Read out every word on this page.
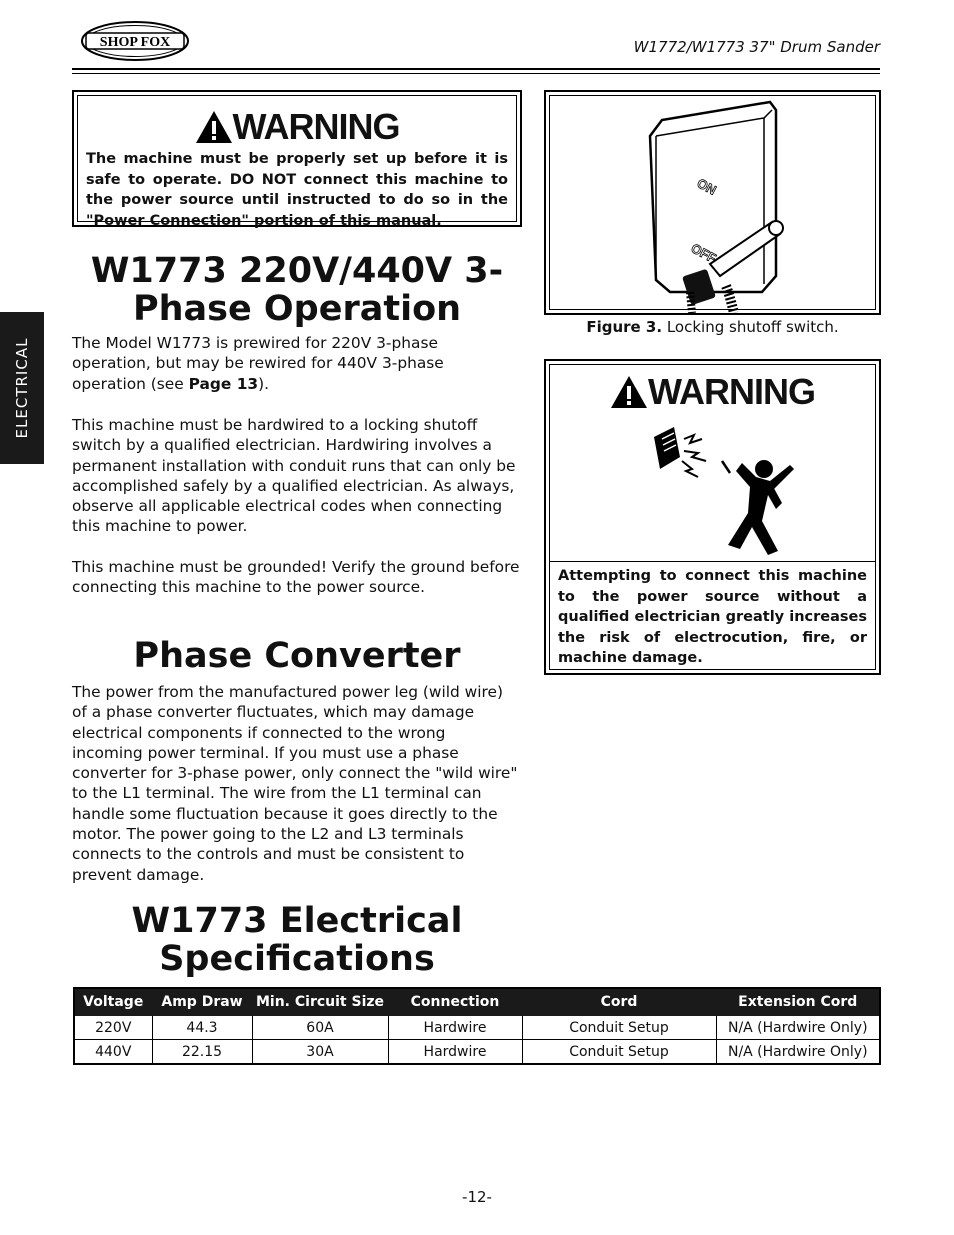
SHOP FOX	W1772/W1773 37" Drum Sander
ELECTRICAL
WARNING
The machine must be properly set up before it is safe to operate. DO NOT connect this machine to the power source until instructed to do so in the "Power Connection" portion of this manual.
W1773 220V/440V 3-
Phase Operation
The Model W1773 is prewired for 220V 3-phase operation, but may be rewired for 440V 3-phase operation (see Page 13).
This machine must be hardwired to a locking shutoff switch by a qualified electrician. Hardwiring involves a permanent installation with conduit runs that can only be accomplished safely by a qualified electrician. As always, observe all applicable electrical codes when connecting this machine to power.
This machine must be grounded! Verify the ground before connecting this machine to the power source.
Phase Converter
The power from the manufactured power leg (wild wire) of a phase converter fluctuates, which may damage electrical components if connected to the wrong incoming power terminal. If you must use a phase converter for 3-phase power, only connect the "wild wire" to the L1 terminal. The wire from the L1 terminal can handle some fluctuation because it goes directly to the motor. The power going to the L2 and L3 terminals connects to the controls and must be consistent to prevent damage.
ON
OFF
Figure 3. Locking shutoff switch.
WARNING
Attempting to connect this machine to the power source without a qualified electrician greatly increases the risk of electrocution, fire, or machine damage.
W1773 Electrical
Specifications
Voltage	Amp Draw	Min. Circuit Size	Connection	Cord	Extension Cord
220V	44.3	60A	Hardwire	Conduit Setup	N/A (Hardwire Only)
440V	22.15	30A	Hardwire	Conduit Setup	N/A (Hardwire Only)
-12-
